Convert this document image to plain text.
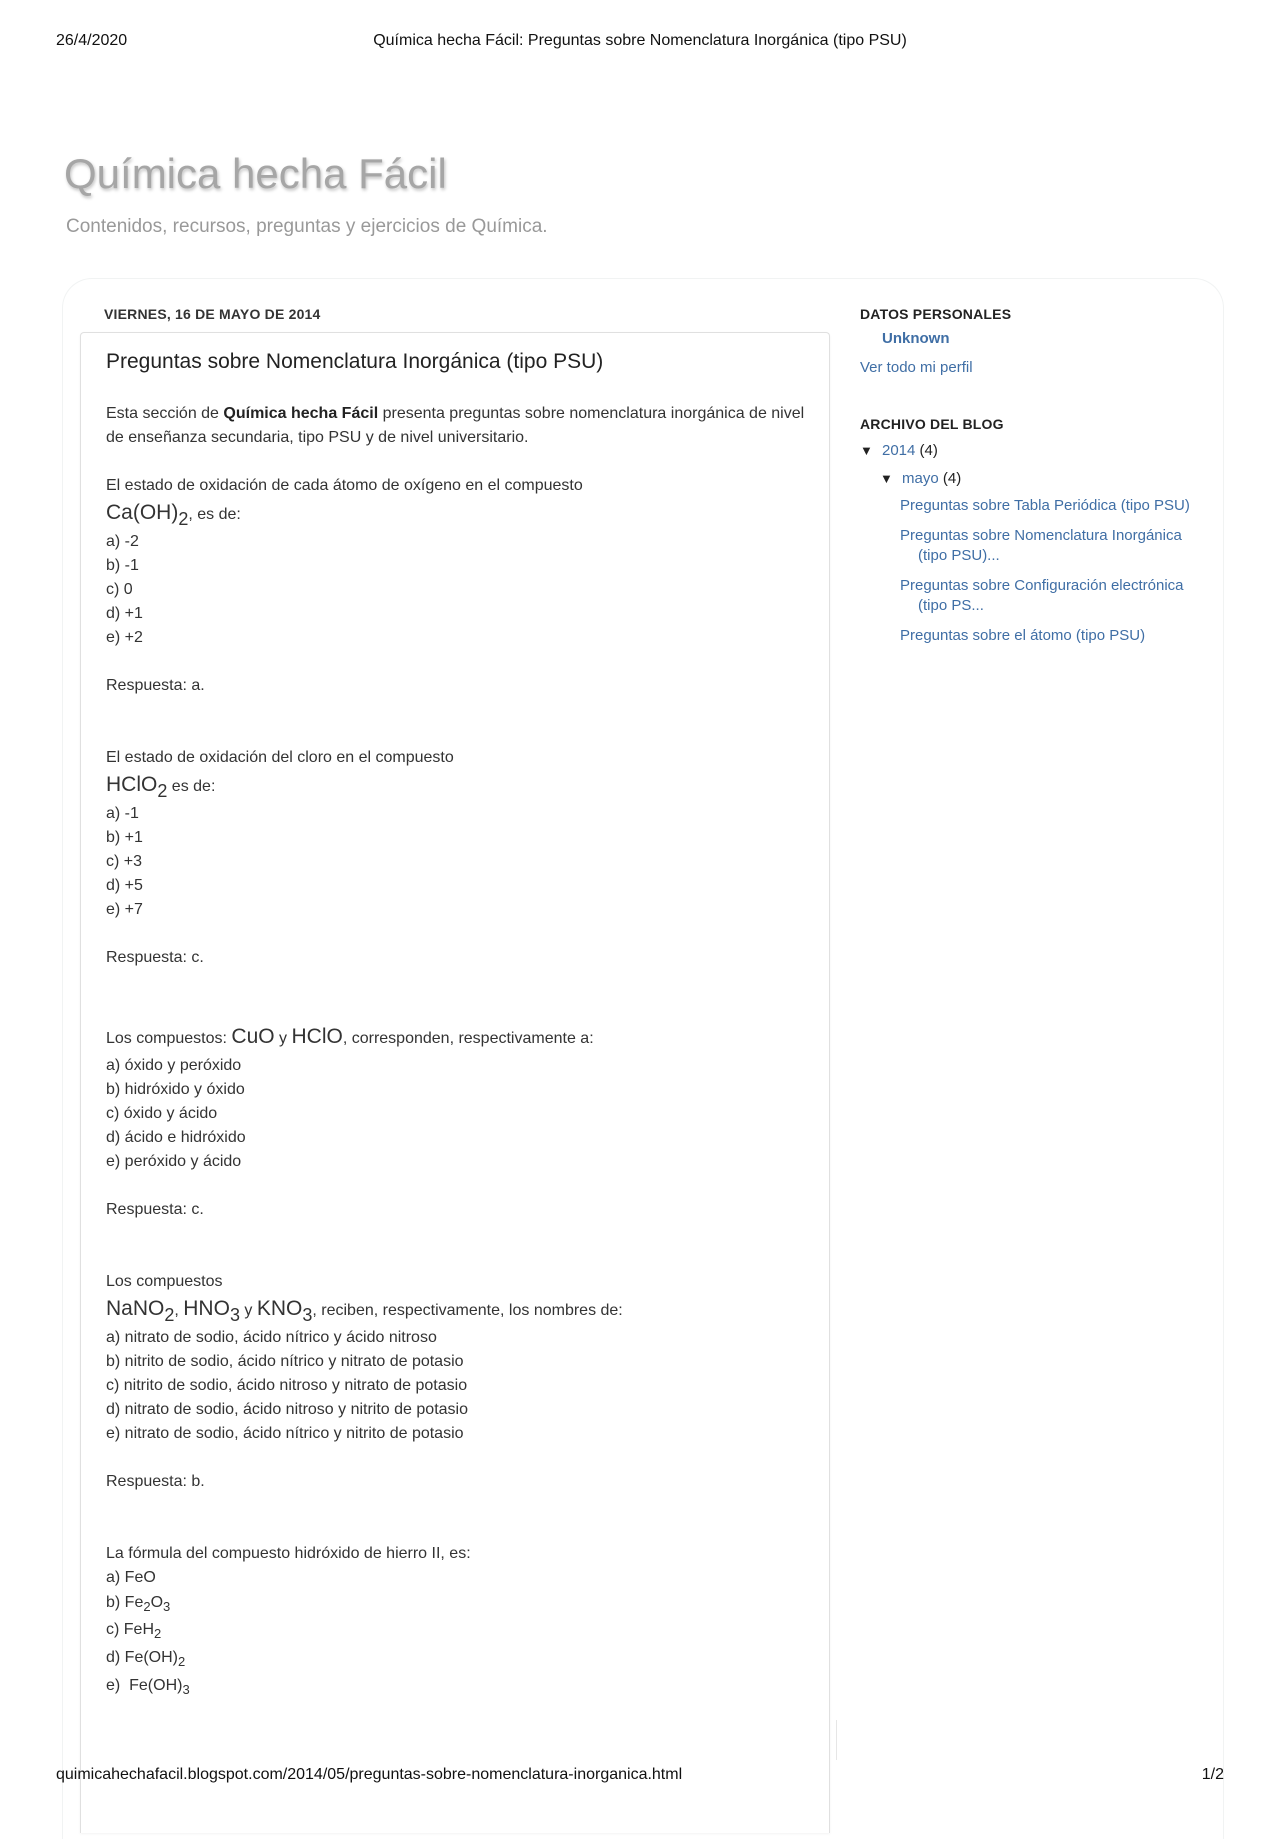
26/4/2020	Química hecha Fácil: Preguntas sobre Nomenclatura Inorgánica (tipo PSU)
Química hecha Fácil
Contenidos, recursos, preguntas y ejercicios de Química.
VIERNES, 16 DE MAYO DE 2014
Preguntas sobre Nomenclatura Inorgánica (tipo PSU)

Esta sección de Química hecha Fácil presenta preguntas sobre nomenclatura inorgánica de nivel de enseñanza secundaria, tipo PSU y de nivel universitario.

El estado de oxidación de cada átomo de oxígeno en el compuesto
$Ca(OH)_2$, es de:
a) -2
b) -1
c) 0
d) +1
e) +2
Respuesta: a.
El estado de oxidación del cloro en el compuesto
HClO$_2$ es de:
a) -1
b) +1
c) +3
d) +5
e) +7
Respuesta: c.
Los compuestos: CuO y HClO, corresponden, respectivamente a:
a) óxido y peróxido
b) hidróxido y óxido
c) óxido y ácido
d) ácido e hidróxido
e) peróxido y ácido
Respuesta: c.
Los compuestos
NaNO$_2$, $HNO_3$ y $KNO_3$, reciben, respectivamente, los nombres de:
a) nitrato de sodio, ácido nítrico y ácido nitroso
b) nitrito de sodio, ácido nítrico y nitrato de potasio
c) nitrito de sodio, ácido nitroso y nitrato de potasio
d) nitrato de sodio, ácido nitroso y nitrito de potasio
e) nitrato de sodio, ácido nítrico y nitrito de potasio
Respuesta: b.
La fórmula del compuesto hidróxido de hierro II, es:
a) FeO
b) $Fe_2O_3$
c) FeH$_2$
d) $Fe(OH)_2$
e)  $Fe(OH)_3$
DATOS PERSONALES
Unknown
Ver todo mi perfil
ARCHIVO DEL BLOG
▼ 2014 (4)
▼ mayo (4)
Preguntas sobre Tabla Periódica (tipo PSU)
Preguntas sobre Nomenclatura Inorgánica (tipo PSU)...
Preguntas sobre Configuración electrónica (tipo PS...
Preguntas sobre el átomo (tipo PSU)
quimicahechafacil.blogspot.com/2014/05/preguntas-sobre-nomenclatura-inorganica.html	1/2
